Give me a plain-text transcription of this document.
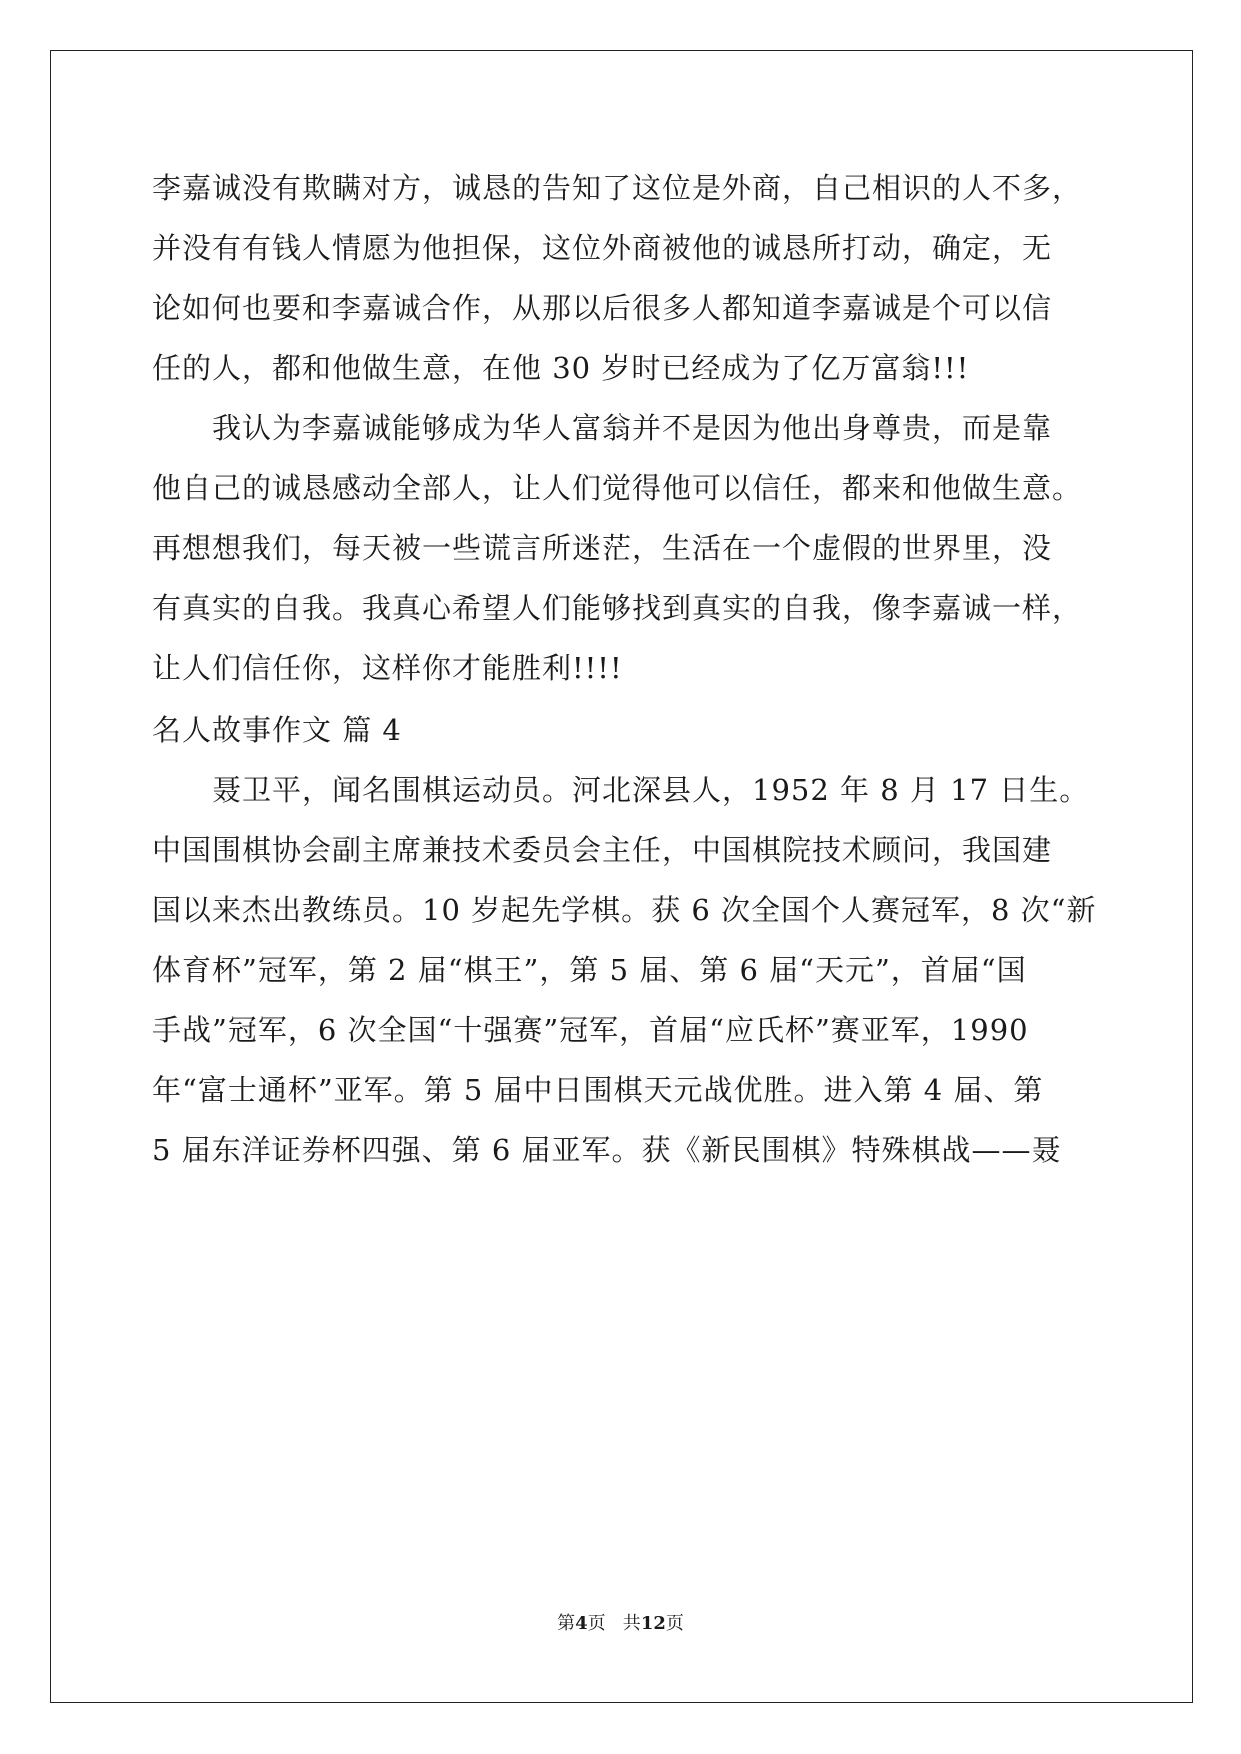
李嘉诚没有欺瞒对方，诚恳的告知了这位是外商，自己相识的人不多，
并没有有钱人情愿为他担保，这位外商被他的诚恳所打动，确定，无
论如何也要和李嘉诚合作，从那以后很多人都知道李嘉诚是个可以信
任的人，都和他做生意，在他 30 岁时已经成为了亿万富翁!!!
我认为李嘉诚能够成为华人富翁并不是因为他出身尊贵，而是靠
他自己的诚恳感动全部人，让人们觉得他可以信任，都来和他做生意。
再想想我们，每天被一些谎言所迷茫，生活在一个虚假的世界里，没
有真实的自我。我真心希望人们能够找到真实的自我，像李嘉诚一样，
让人们信任你，这样你才能胜利!!!!
名人故事作文 篇 4
聂卫平，闻名围棋运动员。河北深县人，1952 年 8 月 17 日生。
中国围棋协会副主席兼技术委员会主任，中国棋院技术顾问，我国建
国以来杰出教练员。10 岁起先学棋。获 6 次全国个人赛冠军，8 次“新
体育杯”冠军，第 2 届“棋王”，第 5 届、第 6 届“天元”，首届“国
手战”冠军，6 次全国“十强赛”冠军，首届“应氏杯”赛亚军，1990
年“富士通杯”亚军。第 5 届中日围棋天元战优胜。进入第 4 届、第
5 届东洋证券杯四强、第 6 届亚军。获《新民围棋》特殊棋战——聂
第4页   共12页
